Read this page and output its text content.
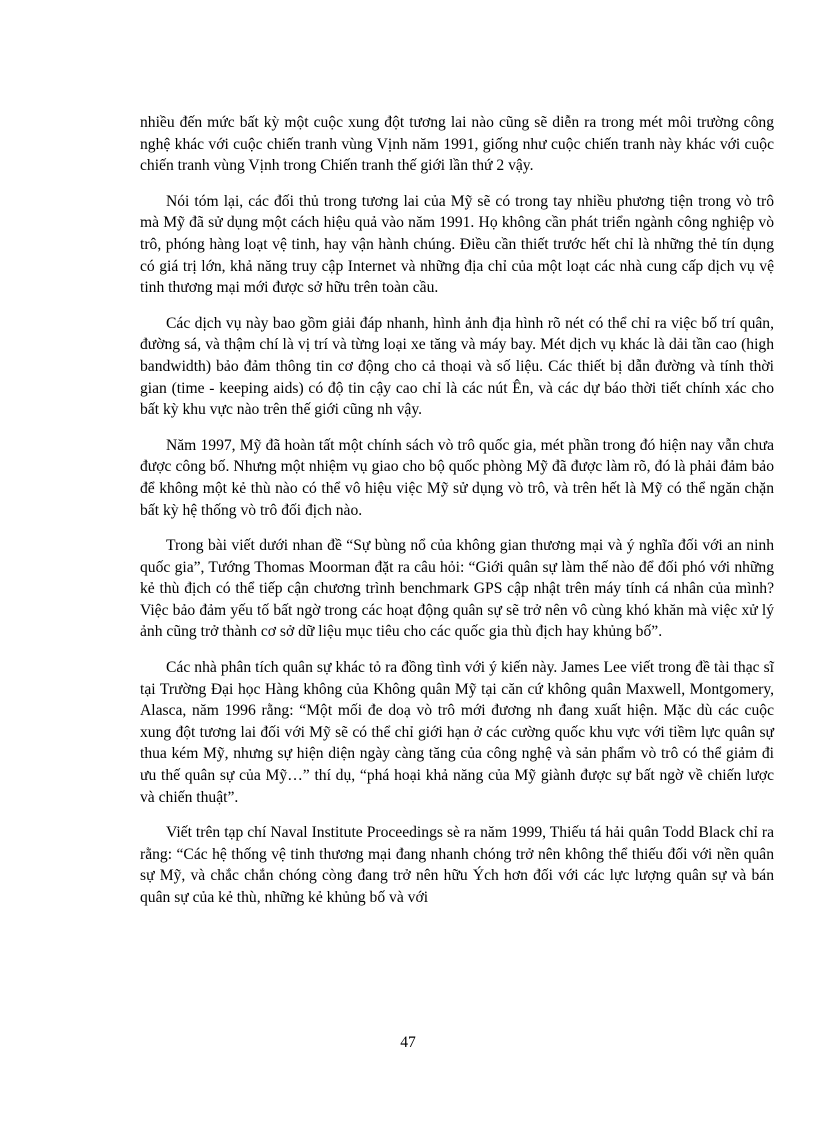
nhiều đến mức bất kỳ một cuộc xung đột tương lai nào cũng sẽ diễn ra trong mét môi trường công nghệ khác với cuộc chiến tranh vùng Vịnh năm 1991, giống như cuộc chiến tranh này khác với cuộc chiến tranh vùng Vịnh trong Chiến tranh thế giới lần thứ 2 vậy.

Nói tóm lại, các đối thủ trong tương lai của Mỹ sẽ có trong tay nhiều phương tiện trong vò trô mà Mỹ đã sử dụng một cách hiệu quả vào năm 1991. Họ không cần phát triển ngành công nghiệp vò trô, phóng hàng loạt vệ tinh, hay vận hành chúng. Điều cần thiết trước hết chỉ là những thẻ tín dụng có giá trị lớn, khả năng truy cập Internet và những địa chỉ của một loạt các nhà cung cấp dịch vụ vệ tinh thương mại mới được sở hữu trên toàn cầu.

Các dịch vụ này bao gồm giải đáp nhanh, hình ảnh địa hình rõ nét có thể chỉ ra việc bố trí quân, đường sá, và thậm chí là vị trí và từng loại xe tăng và máy bay. Mét dịch vụ khác là dải tần cao (high bandwidth) bảo đảm thông tin cơ động cho cả thoại và số liệu. Các thiết bị dẫn đường và tính thời gian (time - keeping aids) có độ tin cậy cao chỉ là các nút Ên, và các dự báo thời tiết chính xác cho bất kỳ khu vực nào trên thế giới cũng nh vậy.

Năm 1997, Mỹ đã hoàn tất một chính sách vò trô quốc gia, mét phần trong đó hiện nay vẫn chưa được công bố. Nhưng một nhiệm vụ giao cho bộ quốc phòng Mỹ đã được làm rõ, đó là phải đảm bảo để không một kẻ thù nào có thể vô hiệu việc Mỹ sử dụng vò trô, và trên hết là Mỹ có thể ngăn chặn bất kỳ hệ thống vò trô đối địch nào.

Trong bài viết dưới nhan đề “Sự bùng nổ của không gian thương mại và ý nghĩa đối với an ninh quốc gia”, Tướng Thomas Moorman đặt ra câu hỏi: “Giới quân sự làm thế nào để đối phó với những kẻ thù địch có thể tiếp cận chương trình benchmark GPS cập nhật trên máy tính cá nhân của mình? Việc bảo đảm yếu tố bất ngờ trong các hoạt động quân sự sẽ trở nên vô cùng khó khăn mà việc xử lý ảnh cũng trở thành cơ sở dữ liệu mục tiêu cho các quốc gia thù địch hay khủng bố”.

Các nhà phân tích quân sự khác tỏ ra đồng tình với ý kiến này. James Lee viết trong đề tài thạc sĩ tại Trường Đại học Hàng không của Không quân Mỹ tại căn cứ không quân Maxwell, Montgomery, Alasca, năm 1996 rằng: “Một mối đe doạ vò trô mới đương nh đang xuất hiện. Mặc dù các cuộc xung đột tương lai đối với Mỹ sẽ có thể chỉ giới hạn ở các cường quốc khu vực với tiềm lực quân sự thua kém Mỹ, nhưng sự hiện diện ngày càng tăng của công nghệ và sản phẩm vò trô có thể giảm đi ưu thế quân sự của Mỹ…” thí dụ, “phá hoại khả năng của Mỹ giành được sự bất ngờ về chiến lược và chiến thuật”.

Viết trên tạp chí Naval Institute Proceedings sè ra năm 1999, Thiếu tá hải quân Todd Black chỉ ra rằng: “Các hệ thống vệ tinh thương mại đang nhanh chóng trở nên không thể thiếu đối với nền quân sự Mỹ, và chắc chắn chóng còng đang trở nên hữu Ých hơn đối với các lực lượng quân sự và bán quân sự của kẻ thù, những kẻ khủng bố và với

47
